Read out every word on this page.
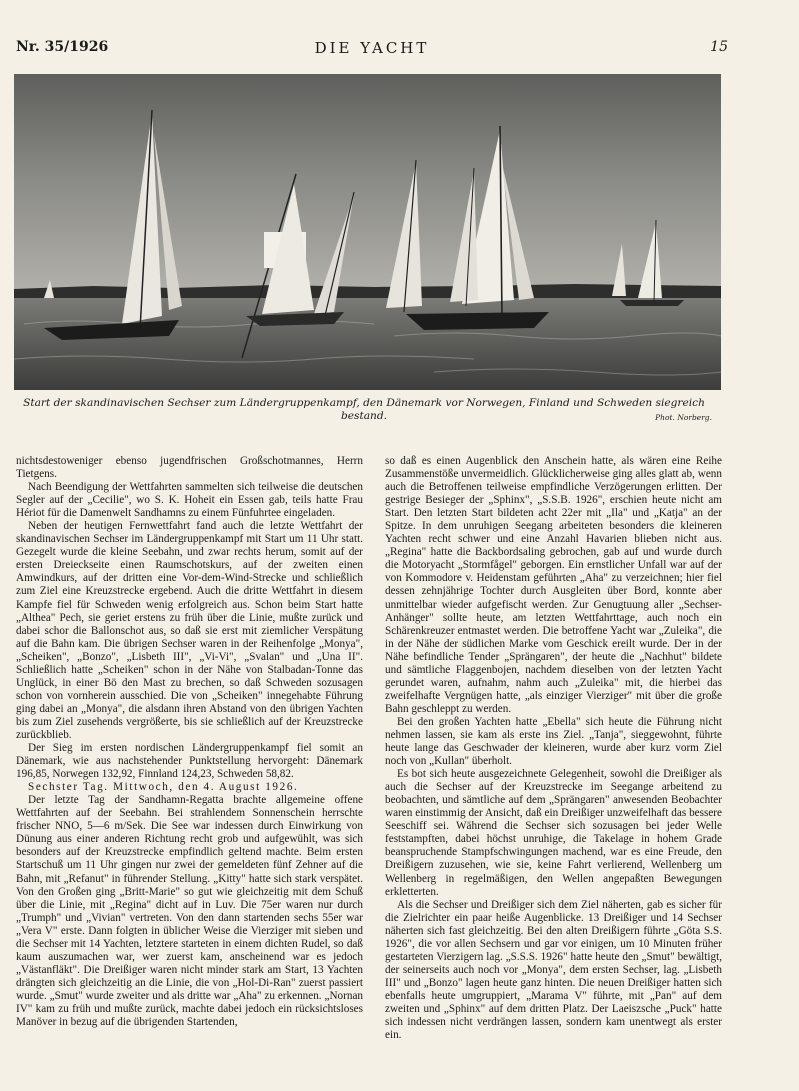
Nr. 35/1926	DIE YACHT	15
Start der skandinavischen Sechser zum Ländergruppenkampf, den Dänemark vor Norwegen, Finland und Schweden siegreich bestand.	Phot. Norberg.

nichtsdestoweniger ebenso jugendfrischen Großschotmannes, Herrn Tietgens.

Nach Beendigung der Wettfahrten sammelten sich teilweise die deutschen Segler auf der „Cecilie", wo S. K. Hoheit ein Essen gab, teils hatte Frau Hériot für die Damenwelt Sandhamns zu einem Fünfuhrtee eingeladen.

Neben der heutigen Fernwettfahrt fand auch die letzte Wettfahrt der skandinavischen Sechser im Ländergruppenkampf mit Start um 11 Uhr statt. Gezegelt wurde die kleine Seebahn, und zwar rechts herum, somit auf der ersten Dreieckseite einen Raumschotskurs, auf der zweiten einen Amwindkurs, auf der dritten eine Vor-dem-Wind-Strecke und schließlich zum Ziel eine Kreuzstrecke ergebend. Auch die dritte Wettfahrt in diesem Kampfe fiel für Schweden wenig erfolgreich aus. Schon beim Start hatte „Althea" Pech, sie geriet erstens zu früh über die Linie, mußte zurück und dabei schor die Ballonschot aus, so daß sie erst mit ziemlicher Verspätung auf die Bahn kam. Die übrigen Sechser waren in der Reihenfolge „Monya", „Scheiken", „Bonzo", „Lisbeth III", „Vi-Vi", „Svalan" und „Una II". Schließlich hatte „Scheiken" schon in der Nähe von Stalbadan-Tonne das Unglück, in einer Bö den Mast zu brechen, so daß Schweden sozusagen schon von vornherein ausschied. Die von „Scheiken" innegehabte Führung ging dabei an „Monya", die alsdann ihren Abstand von den übrigen Yachten bis zum Ziel zusehends vergrößerte, bis sie schließlich auf der Kreuzstrecke zurückblieb.

Der Sieg im ersten nordischen Ländergruppenkampf fiel somit an Dänemark, wie aus nachstehender Punktstellung hervorgeht: Dänemark 196,85, Norwegen 132,92, Finnland 124,23, Schweden 58,82.

Sechster Tag. Mittwoch, den 4. August 1926.

Der letzte Tag der Sandhamn-Regatta brachte allgemeine offene Wettfahrten auf der Seebahn. Bei strahlendem Sonnenschein herrschte frischer NNO, 5—6 m/Sek. Die See war indessen durch Einwirkung von Dünung aus einer anderen Richtung recht grob und aufgewühlt, was sich besonders auf der Kreuzstrecke empfindlich geltend machte. Beim ersten Startschuß um 11 Uhr gingen nur zwei der gemeldeten fünf Zehner auf die Bahn, mit „Refanut" in führender Stellung. „Kitty" hatte sich stark verspätet. Von den Großen ging „Britt-Marie" so gut wie gleichzeitig mit dem Schuß über die Linie, mit „Regina" dicht auf in Luv. Die 75er waren nur durch „Trumph" und „Vivian" vertreten. Von den dann startenden sechs 55er war „Vera V" erste. Dann folgten in üblicher Weise die Vierziger mit sieben und die Sechser mit 14 Yachten, letztere starteten in einem dichten Rudel, so daß kaum auszumachen war, wer zuerst kam, anscheinend war es jedoch „Västanfläkt". Die Dreißiger waren nicht minder stark am Start, 13 Yachten drängten sich gleichzeitig an die Linie, die von „Hol-Di-Ran" zuerst passiert wurde. „Smut" wurde zweiter und als dritte war „Aha" zu erkennen. „Nornan IV" kam zu früh und mußte zurück, machte dabei jedoch ein rücksichtsloses Manöver in bezug auf die übrigenden Startenden,

so daß es einen Augenblick den Anschein hatte, als wären eine Reihe Zusammenstöße unvermeidlich. Glücklicherweise ging alles glatt ab, wenn auch die Betroffenen teilweise empfindliche Verzögerungen erlitten. Der gestrige Besieger der „Sphinx", „S.S.B. 1926", erschien heute nicht am Start. Den letzten Start bildeten acht 22er mit „Ila" und „Katja" an der Spitze. In dem unruhigen Seegang arbeiteten besonders die kleineren Yachten recht schwer und eine Anzahl Havarien blieben nicht aus. „Regina" hatte die Backbordsaling gebrochen, gab auf und wurde durch die Motoryacht „Stormfågel" geborgen. Ein ernstlicher Unfall war auf der von Kommodore v. Heidenstam geführten „Aha" zu verzeichnen; hier fiel dessen zehnjährige Tochter durch Ausgleiten über Bord, konnte aber unmittelbar wieder aufgefischt werden. Zur Genugtuung aller „Sechser-Anhänger" sollte heute, am letzten Wettfahrttage, auch noch ein Schärenkreuzer entmastet werden. Die betroffene Yacht war „Zuleika", die in der Nähe der südlichen Marke vom Geschick ereilt wurde. Der in der Nähe befindliche Tender „Sprängaren", der heute die „Nachhut" bildete und sämtliche Flaggenbojen, nachdem dieselben von der letzten Yacht gerundet waren, aufnahm, nahm auch „Zuleika" mit, die hierbei das zweifelhafte Vergnügen hatte, „als einziger Vierziger" mit über die große Bahn geschleppt zu werden.

Bei den großen Yachten hatte „Ebella" sich heute die Führung nicht nehmen lassen, sie kam als erste ins Ziel. „Tanja", sieggewohnt, führte heute lange das Geschwader der kleineren, wurde aber kurz vorm Ziel noch von „Kullan" überholt.

Es bot sich heute ausgezeichnete Gelegenheit, sowohl die Dreißiger als auch die Sechser auf der Kreuzstrecke im Seegange arbeitend zu beobachten, und sämtliche auf dem „Sprängaren" anwesenden Beobachter waren einstimmig der Ansicht, daß ein Dreißiger unzweifelhaft das bessere Seeschiff sei. Während die Sechser sich sozusagen bei jeder Welle feststampften, dabei höchst unruhige, die Takelage in hohem Grade beanspruchende Stampfschwingungen machend, war es eine Freude, den Dreißigern zuzusehen, wie sie, keine Fahrt verlierend, Wellenberg um Wellenberg in regelmäßigen, den Wellen angepaßten Bewegungen erkletterten.

Als die Sechser und Dreißiger sich dem Ziel näherten, gab es sicher für die Zielrichter ein paar heiße Augenblicke. 13 Dreißiger und 14 Sechser näherten sich fast gleichzeitig. Bei den alten Dreißigern führte „Göta S.S. 1926", die vor allen Sechsern und gar vor einigen, um 10 Minuten früher gestarteten Vierzigern lag. „S.S.S. 1926" hatte heute den „Smut" bewältigt, der seinerseits auch noch vor „Monya", dem ersten Sechser, lag. „Lisbeth III" und „Bonzo" lagen heute ganz hinten. Die neuen Dreißiger hatten sich ebenfalls heute umgruppiert, „Marama V" führte, mit „Pan" auf dem zweiten und „Sphinx" auf dem dritten Platz. Der Laeiszsche „Puck" hatte sich indessen nicht verdrängen lassen, sondern kam unentwegt als erster ein.
